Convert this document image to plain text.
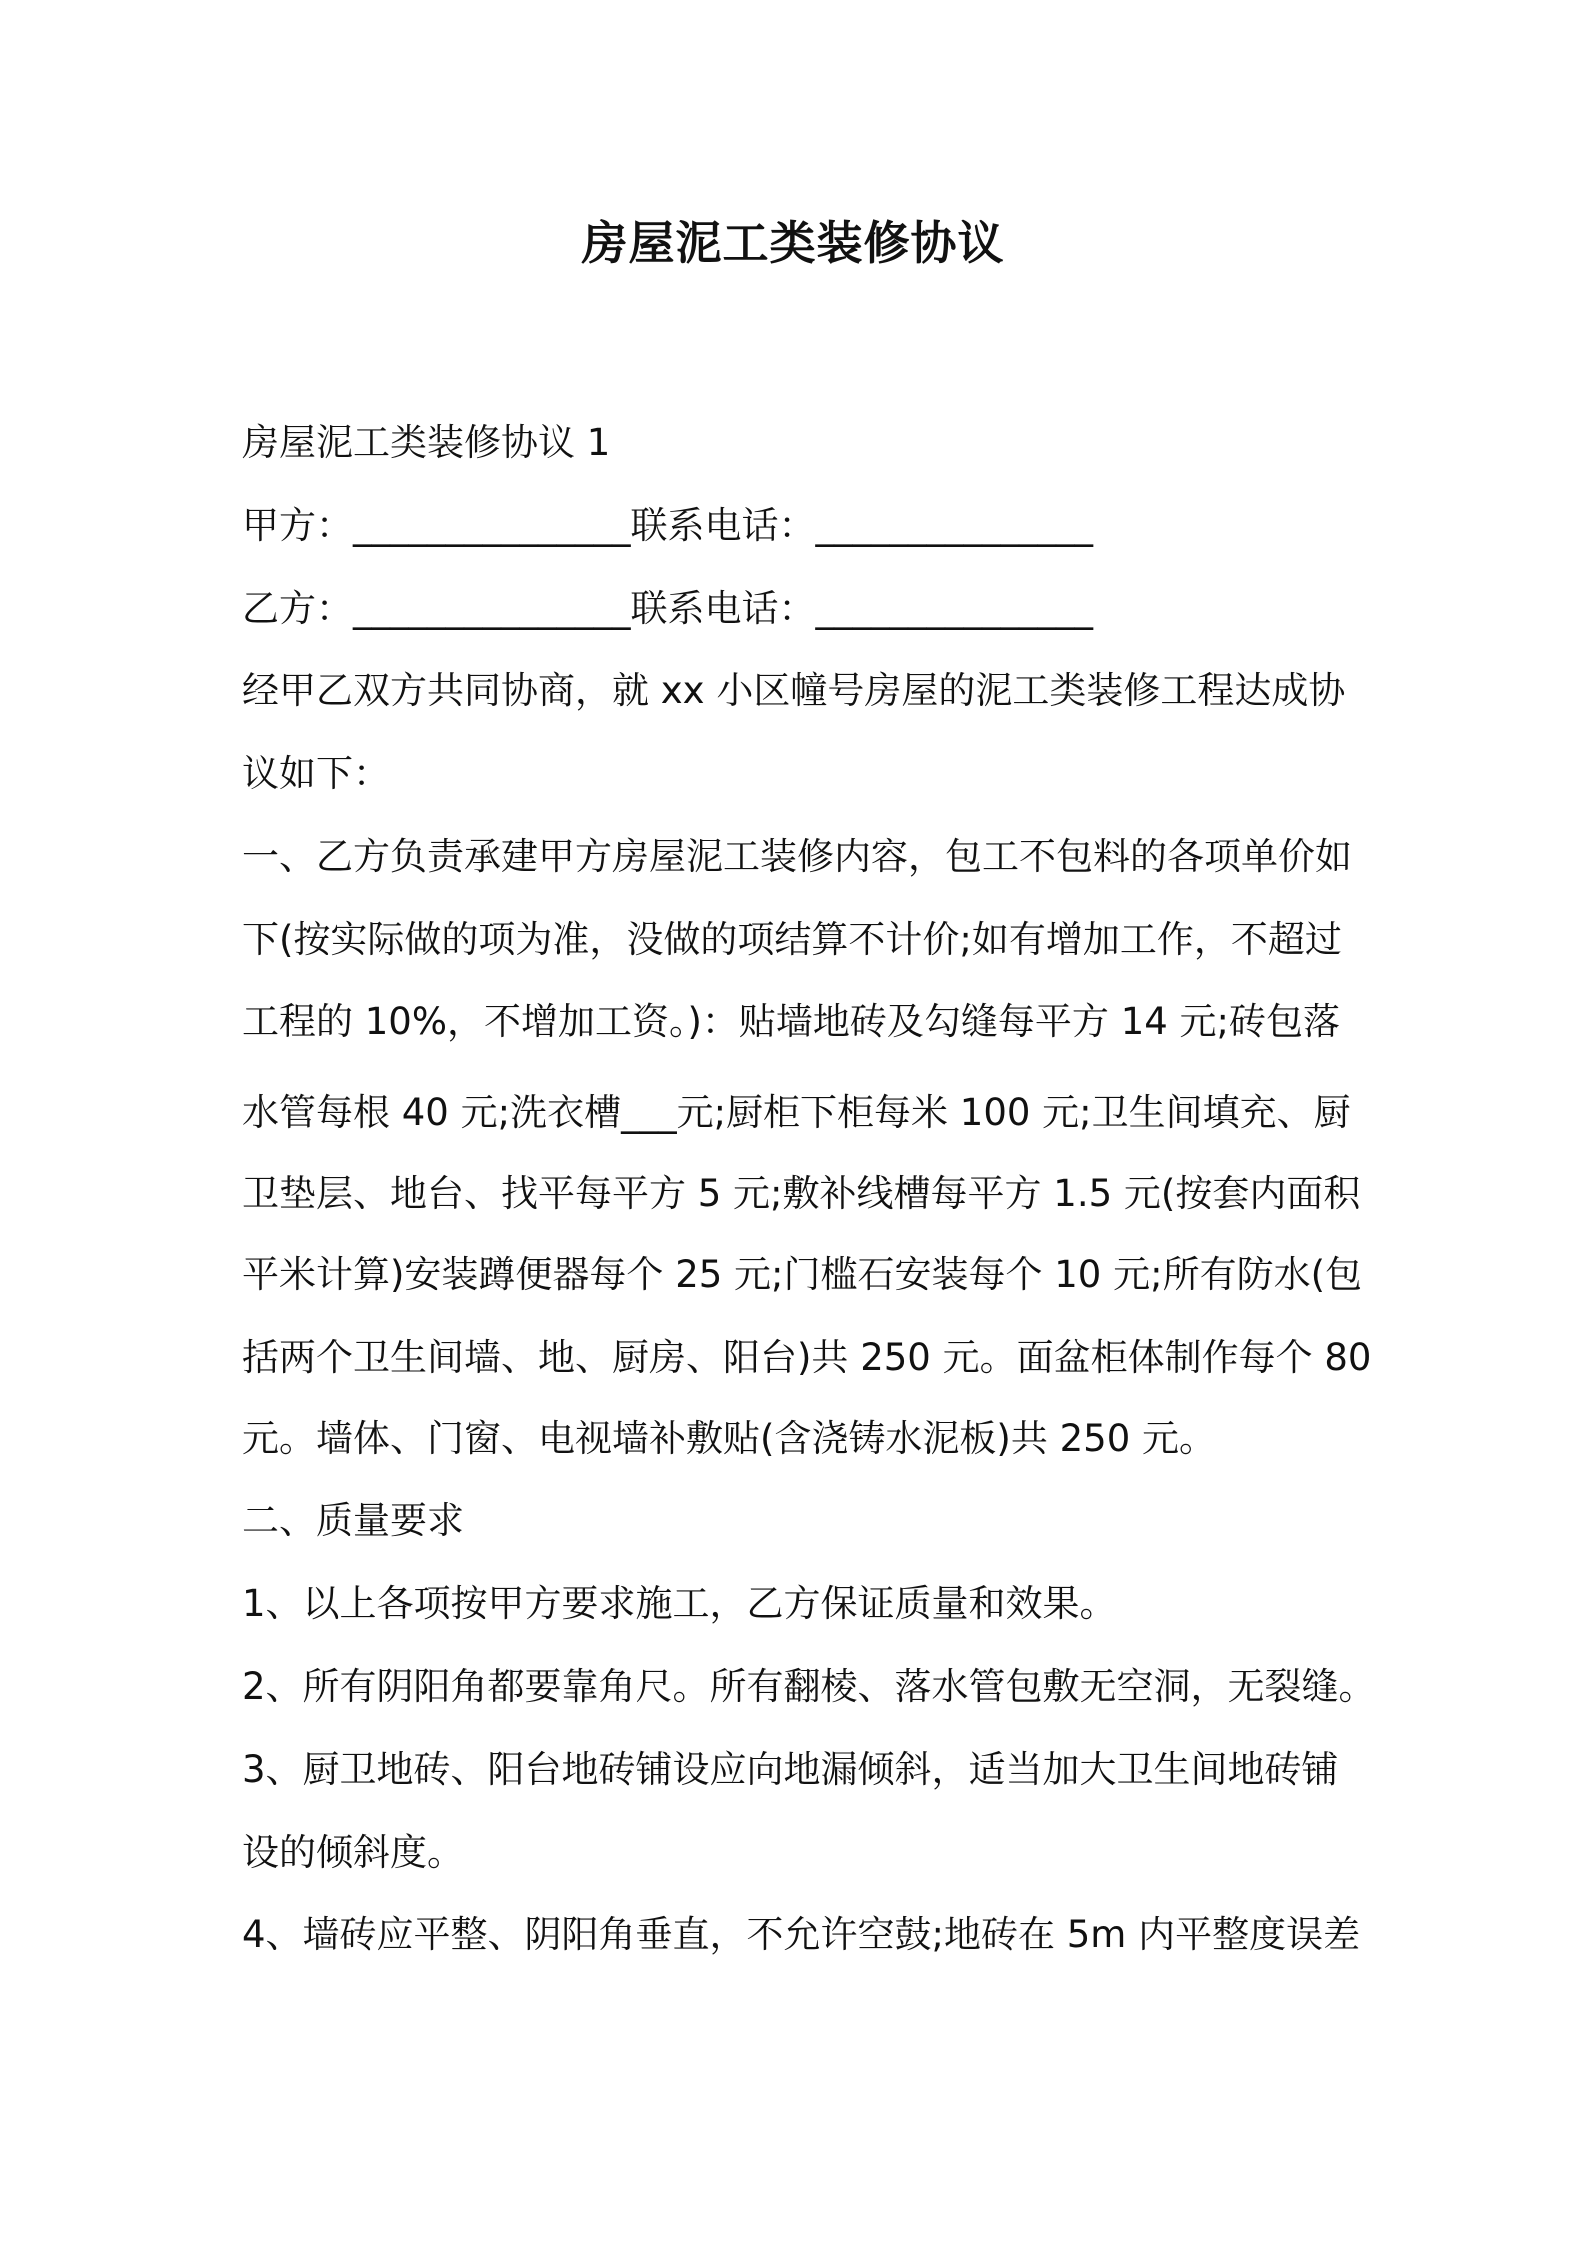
房屋泥工类装修协议

房屋泥工类装修协议 1

甲方：_______________联系电话：_______________

乙方：_______________联系电话：_______________

经甲乙双方共同协商，就 xx 小区幢号房屋的泥工类装修工程达成协

议如下：

一、乙方负责承建甲方房屋泥工装修内容，包工不包料的各项单价如

下(按实际做的项为准，没做的项结算不计价;如有增加工作，不超过

工程的 10%，不增加工资。)：贴墙地砖及勾缝每平方 14 元;砖包落

水管每根 40 元;洗衣槽___元;厨柜下柜每米 100 元;卫生间填充、厨

卫垫层、地台、找平每平方 5 元;敷补线槽每平方 1.5 元(按套内面积

平米计算)安装蹲便器每个 25 元;门槛石安装每个 10 元;所有防水(包

括两个卫生间墙、地、厨房、阳台)共 250 元。面盆柜体制作每个 80

元。墙体、门窗、电视墙补敷贴(含浇铸水泥板)共 250 元。

二、质量要求

1、以上各项按甲方要求施工，乙方保证质量和效果。

2、所有阴阳角都要靠角尺。所有翻棱、落水管包敷无空洞，无裂缝。

3、厨卫地砖、阳台地砖铺设应向地漏倾斜，适当加大卫生间地砖铺

设的倾斜度。

4、墙砖应平整、阴阳角垂直，不允许空鼓;地砖在 5m 内平整度误差
